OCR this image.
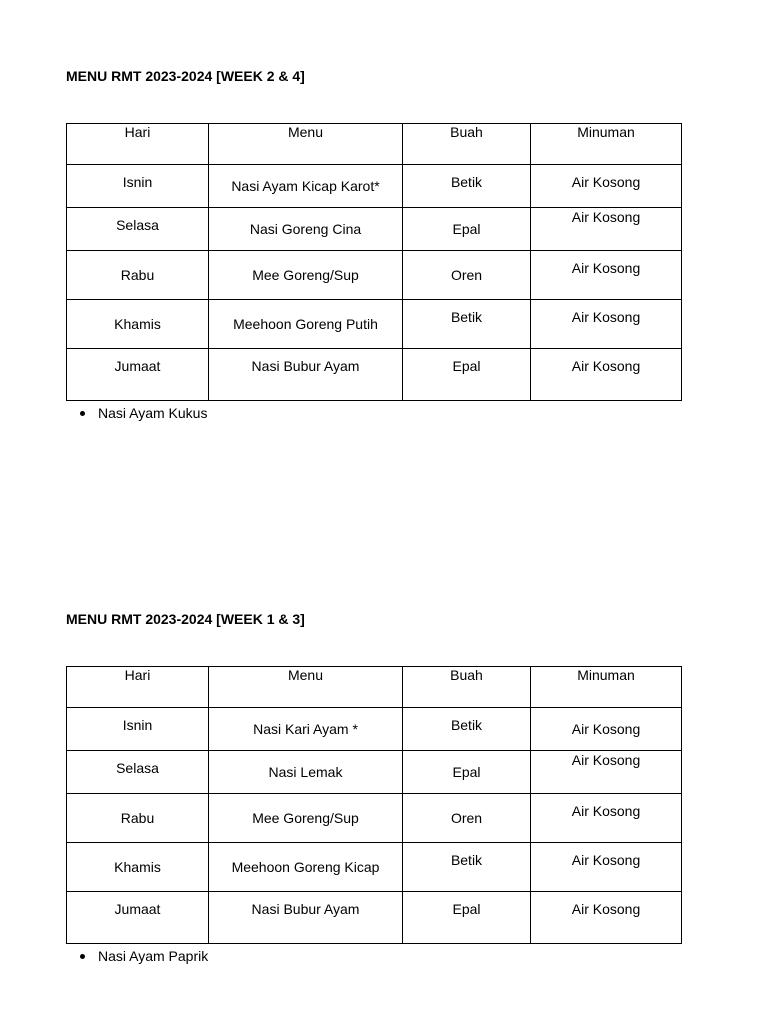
MENU RMT 2023-2024 [WEEK 2 & 4]

Hari	Menu	Buah	Minuman
Isnin	Nasi Ayam Kicap Karot*	Betik	Air Kosong
Selasa	Nasi Goreng Cina	Epal	Air Kosong
Rabu	Mee Goreng/Sup	Oren	Air Kosong
Khamis	Meehoon Goreng Putih	Betik	Air Kosong
Jumaat	Nasi Bubur Ayam	Epal	Air Kosong
Nasi Ayam Kukus

MENU RMT 2023-2024 [WEEK 1 & 3]

Hari	Menu	Buah	Minuman
Isnin	Nasi Kari Ayam *	Betik	Air Kosong
Selasa	Nasi Lemak	Epal	Air Kosong
Rabu	Mee Goreng/Sup	Oren	Air Kosong
Khamis	Meehoon Goreng Kicap	Betik	Air Kosong
Jumaat	Nasi Bubur Ayam	Epal	Air Kosong
Nasi Ayam Paprik
